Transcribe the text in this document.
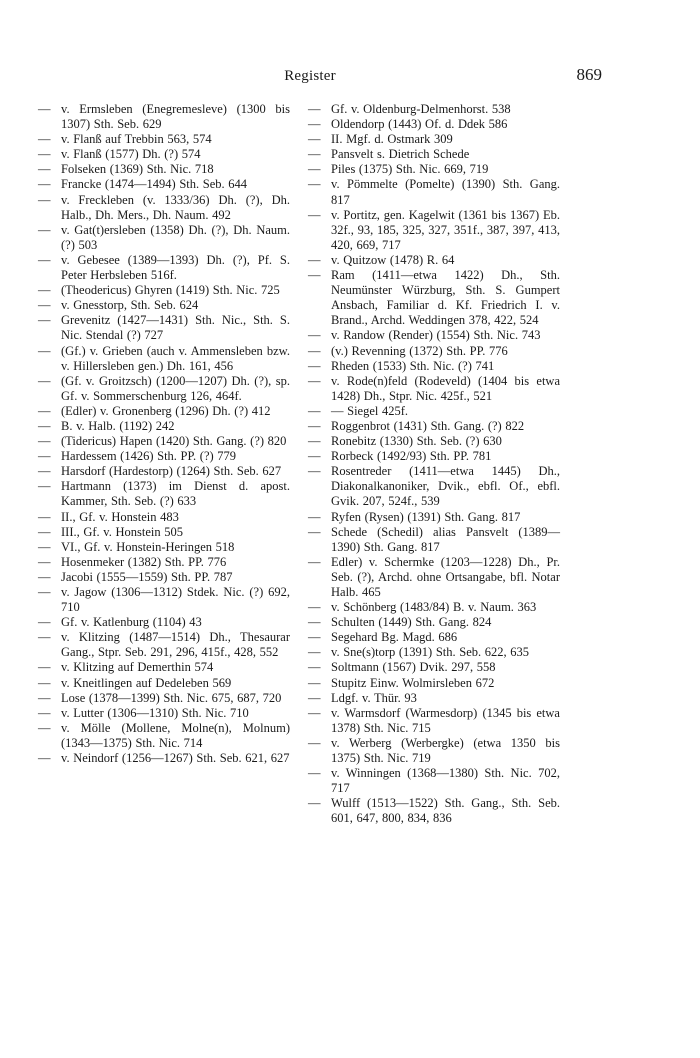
Register	869
— v. Ermsleben (Enegremesleve) (1300 bis 1307) Sth. Seb. 629
— v. Flanß auf Trebbin 563, 574
— v. Flanß (1577) Dh. (?) 574
— Folseken (1369) Sth. Nic. 718
— Francke (1474—1494) Sth. Seb. 644
— v. Freckleben (v. 1333/36) Dh. (?), Dh. Halb., Dh. Mers., Dh. Naum. 492
— v. Gat(t)ersleben (1358) Dh. (?), Dh. Naum. (?) 503
— v. Gebesee (1389—1393) Dh. (?), Pf. S. Peter Herbsleben 516f.
— (Theodericus) Ghyren (1419) Sth. Nic. 725
— v. Gnesstorp, Sth. Seb. 624
— Grevenitz (1427—1431) Sth. Nic., Sth. S. Nic. Stendal (?) 727
— (Gf.) v. Grieben (auch v. Ammensleben bzw. v. Hillersleben gen.) Dh. 161, 456
— (Gf. v. Groitzsch) (1200—1207) Dh. (?), sp. Gf. v. Sommerschenburg 126, 464f.
— (Edler) v. Gronenberg (1296) Dh. (?) 412
— B. v. Halb. (1192) 242
— (Tidericus) Hapen (1420) Sth. Gang. (?) 820
— Hardessem (1426) Sth. PP. (?) 779
— Harsdorf (Hardestorp) (1264) Sth. Seb. 627
— Hartmann (1373) im Dienst d. apost. Kammer, Sth. Seb. (?) 633
— II., Gf. v. Honstein 483
— III., Gf. v. Honstein 505
— VI., Gf. v. Honstein-Heringen 518
— Hosenmeker (1382) Sth. PP. 776
— Jacobi (1555—1559) Sth. PP. 787
— v. Jagow (1306—1312) Stdek. Nic. (?) 692, 710
— Gf. v. Katlenburg (1104) 43
— v. Klitzing (1487—1514) Dh., Thesaurar Gang., Stpr. Seb. 291, 296, 415f., 428, 552
— v. Klitzing auf Demerthin 574
— v. Kneitlingen auf Dedeleben 569
— Lose (1378—1399) Sth. Nic. 675, 687, 720
— v. Lutter (1306—1310) Sth. Nic. 710
— v. Mölle (Mollene, Molne(n), Molnum) (1343—1375) Sth. Nic. 714
— v. Neindorf (1256—1267) Sth. Seb. 621, 627
— Gf. v. Oldenburg-Delmenhorst. 538
— Oldendorp (1443) Of. d. Ddek 586
— II. Mgf. d. Ostmark 309
— Pansvelt s. Dietrich Schede
— Piles (1375) Sth. Nic. 669, 719
— v. Pömmelte (Pomelte) (1390) Sth. Gang. 817
— v. Portitz, gen. Kagelwit (1361 bis 1367) Eb. 32f., 93, 185, 325, 327, 351f., 387, 397, 413, 420, 669, 717
— v. Quitzow (1478) R. 64
— Ram (1411—etwa 1422) Dh., Sth. Neumünster Würzburg, Sth. S. Gumpert Ansbach, Familiar d. Kf. Friedrich I. v. Brand., Archd. Weddingen 378, 422, 524
— v. Randow (Render) (1554) Sth. Nic. 743
— (v.) Revenning (1372) Sth. PP. 776
— Rheden (1533) Sth. Nic. (?) 741
— v. Rode(n)feld (Rodeveld) (1404 bis etwa 1428) Dh., Stpr. Nic. 425f., 521
— — Siegel 425f.
— Roggenbrot (1431) Sth. Gang. (?) 822
— Ronebitz (1330) Sth. Seb. (?) 630
— Rorbeck (1492/93) Sth. PP. 781
— Rosentreder (1411—etwa 1445) Dh., Diakonalkanoniker, Dvik., ebfl. Of., ebfl. Gvik. 207, 524f., 539
— Ryfen (Rysen) (1391) Sth. Gang. 817
— Schede (Schedil) alias Pansvelt (1389—1390) Sth. Gang. 817
— Edler) v. Schermke (1203—1228) Dh., Pr. Seb. (?), Archd. ohne Ortsangabe, bfl. Notar Halb. 465
— v. Schönberg (1483/84) B. v. Naum. 363
— Schulten (1449) Sth. Gang. 824
— Segehard Bg. Magd. 686
— v. Sne(s)torp (1391) Sth. Seb. 622, 635
— Soltmann (1567) Dvik. 297, 558
— Stupitz Einw. Wolmirsleben 672
— Ldgf. v. Thür. 93
— v. Warmsdorf (Warmesdorp) (1345 bis etwa 1378) Sth. Nic. 715
— v. Werberg (Werbergke) (etwa 1350 bis 1375) Sth. Nic. 719
— v. Winningen (1368—1380) Sth. Nic. 702, 717
— Wulff (1513—1522) Sth. Gang., Sth. Seb. 601, 647, 800, 834, 836
